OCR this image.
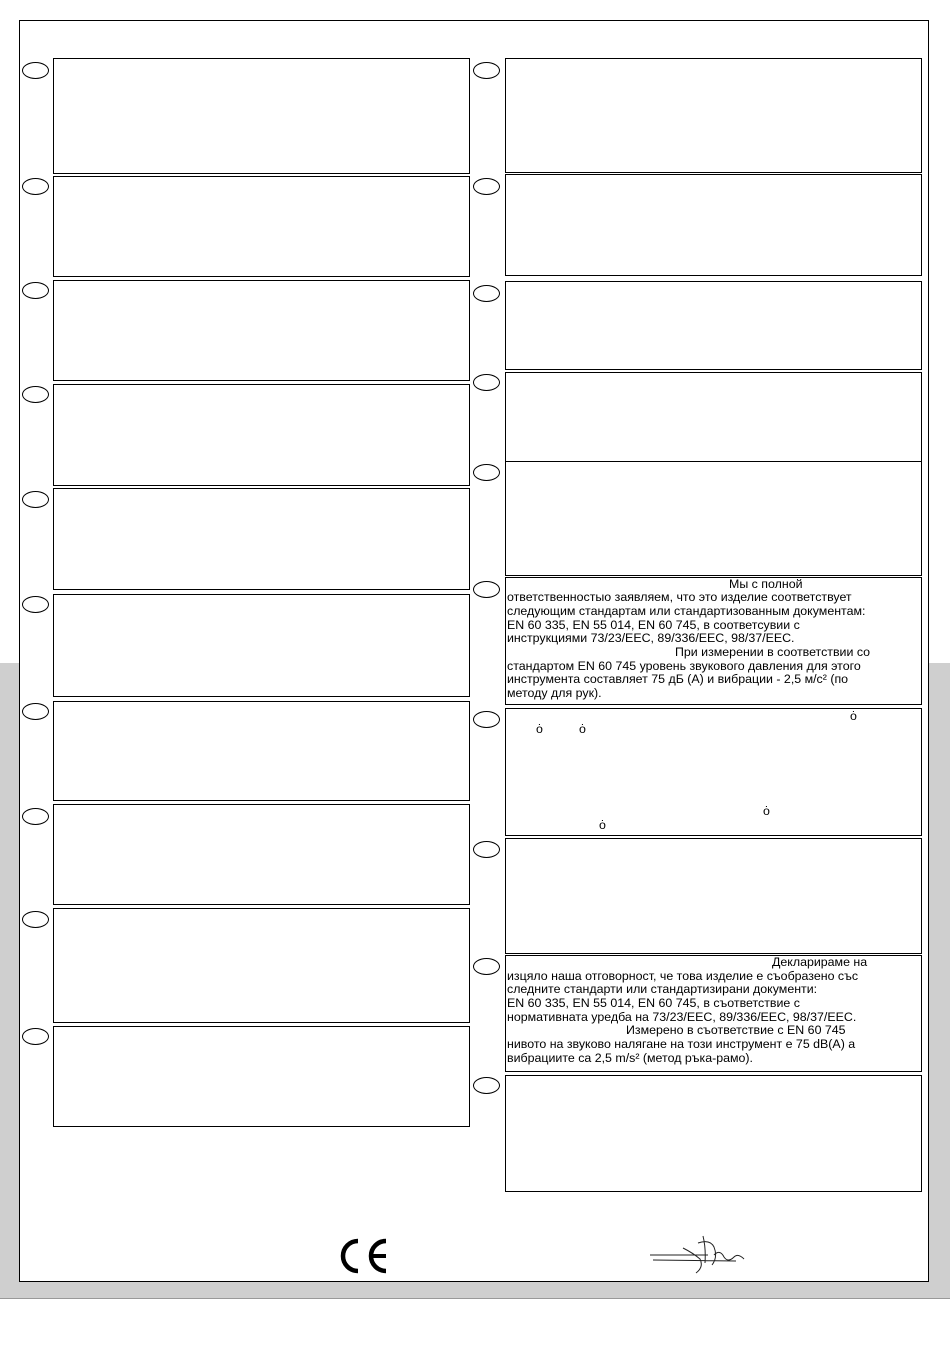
Мы с полной
ответственностыо заявляем, что это изделие соответствует
следующим стандартам или стандартизованным документам:
EN 60 335, EN 55 014, EN 60 745, в соответсувии с
инструкциями 73/23/EEC, 89/336/EEC, 98/37/EEC.
При измерении в соответствии со
стандартом EN 60 745 уровень звукового давления для этого
инструмента составляет 75 дБ (A) и вибрации - 2,5 м/с² (по
методу для рук).
ȯ
ȯ	ȯ
ȯ
ȯ
Декларираме на
изцяло наша отговорност, че това изделие е съобразено със
следните стандарти или стандартизирани документи:
EN 60 335, EN 55 014, EN 60 745, в съответствие с
нормативната уредба на 73/23/EEC, 89/336/EEC, 98/37/EEC.
Измерено в съответствие с EN 60 745
нивото на звуково налягане на този инструмент е 75 dB(A) а
вибрациите са 2,5 m/s² (метод ръка-рамо).
